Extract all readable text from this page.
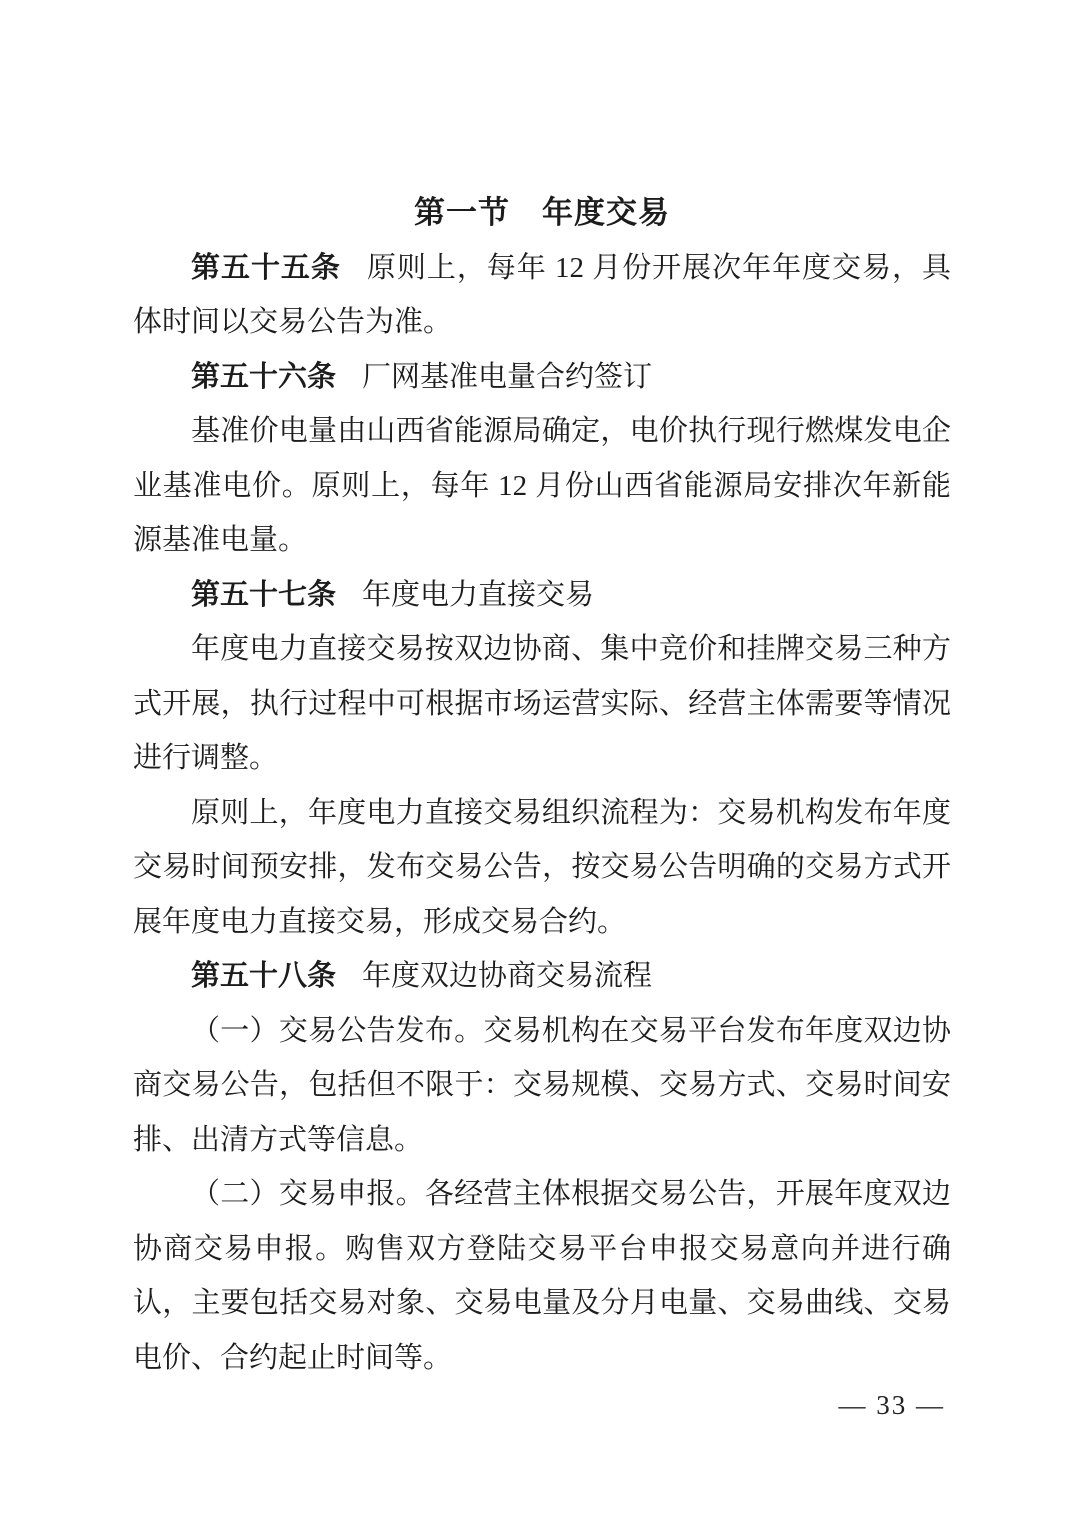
第一节　年度交易

第五十五条 原则上，每年 12 月份开展次年年度交易，具体时间以交易公告为准。

第五十六条 厂网基准电量合约签订

基准价电量由山西省能源局确定，电价执行现行燃煤发电企业基准电价。原则上，每年 12 月份山西省能源局安排次年新能源基准电量。

第五十七条 年度电力直接交易

年度电力直接交易按双边协商、集中竞价和挂牌交易三种方式开展，执行过程中可根据市场运营实际、经营主体需要等情况进行调整。

原则上，年度电力直接交易组织流程为：交易机构发布年度交易时间预安排，发布交易公告，按交易公告明确的交易方式开展年度电力直接交易，形成交易合约。

第五十八条 年度双边协商交易流程

（一）交易公告发布。交易机构在交易平台发布年度双边协商交易公告，包括但不限于：交易规模、交易方式、交易时间安排、出清方式等信息。

（二）交易申报。各经营主体根据交易公告，开展年度双边协商交易申报。购售双方登陆交易平台申报交易意向并进行确认，主要包括交易对象、交易电量及分月电量、交易曲线、交易电价、合约起止时间等。

— 33 —
